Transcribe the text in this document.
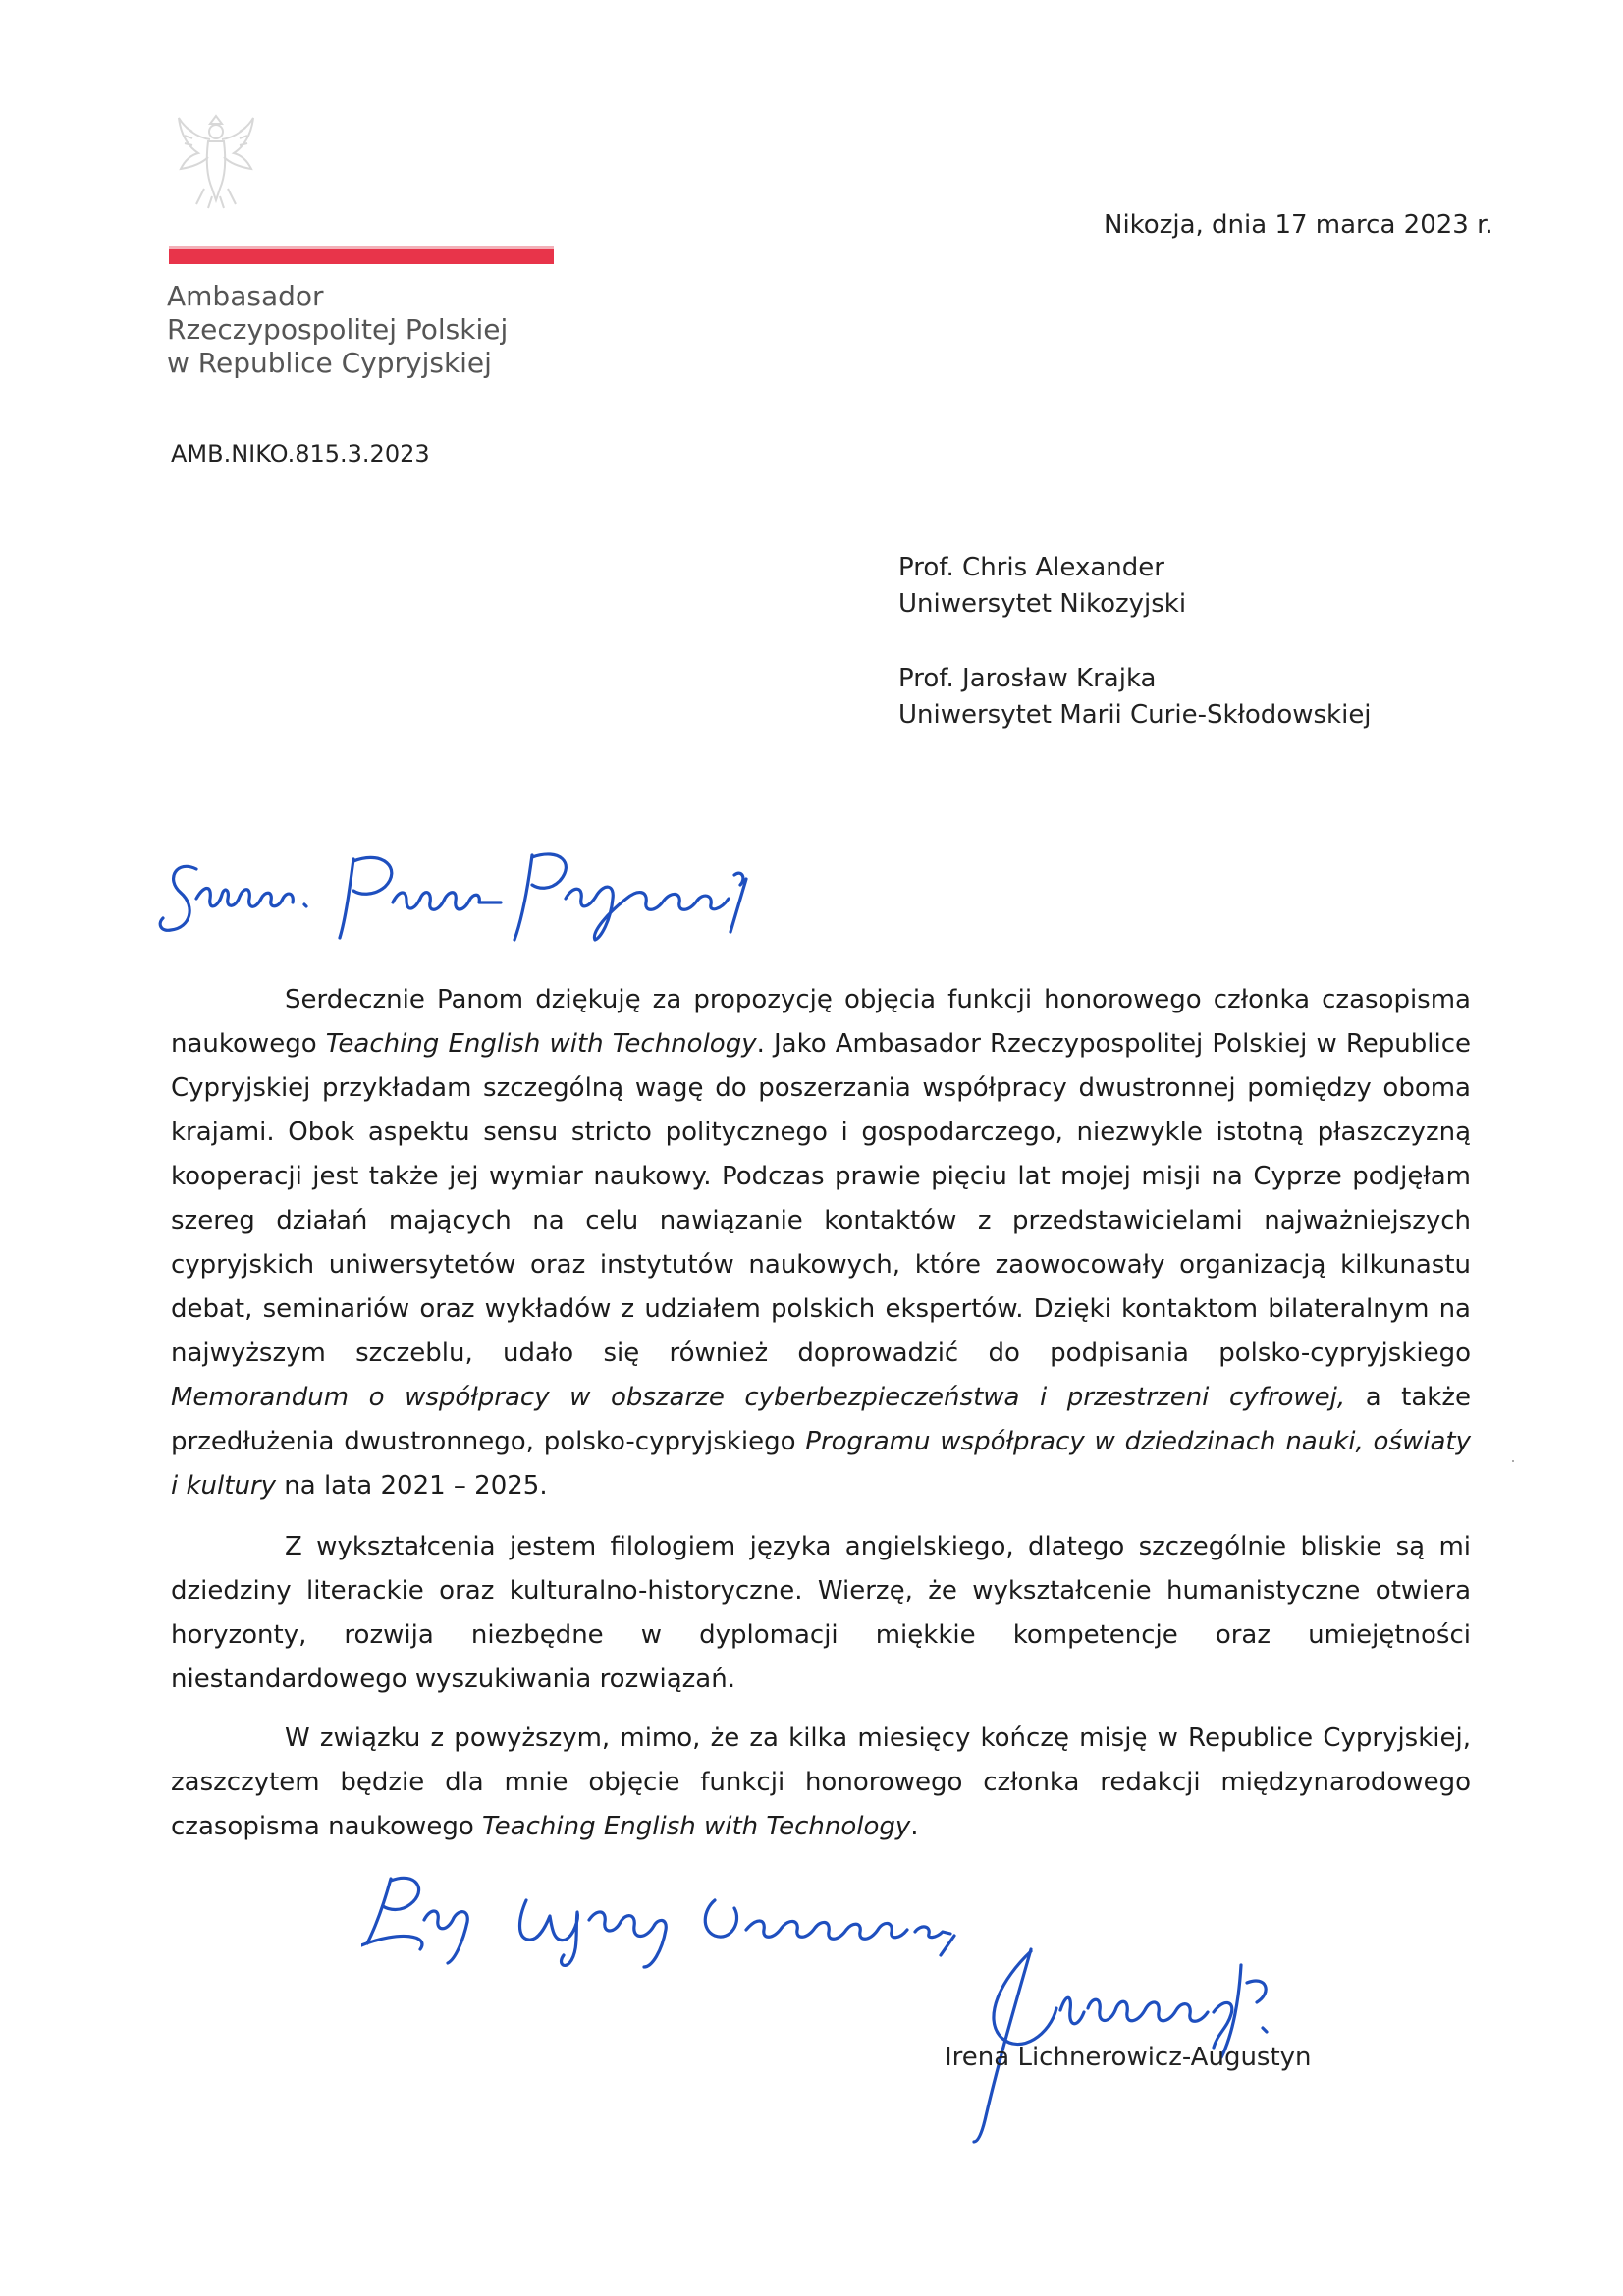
Ambasador
Rzeczypospolitej Polskiej
w Republice Cypryjskiej
Nikozja, dnia 17 marca 2023 r.
AMB.NIKO.815.3.2023
Prof. Chris Alexander
Uniwersytet Nikozyjski
Prof. Jarosław Krajka
Uniwersytet Marii Curie-Skłodowskiej

Serdecznie Panom dziękuję za propozycję objęcia funkcji honorowego członka czasopisma naukowego Teaching English with Technology. Jako Ambasador Rzeczypospolitej Polskiej w Republice Cypryjskiej przykładam szczególną wagę do poszerzania współpracy dwustronnej pomiędzy oboma krajami. Obok aspektu sensu stricto politycznego i gospodarczego, niezwykle istotną płaszczyzną kooperacji jest także jej wymiar naukowy. Podczas prawie pięciu lat mojej misji na Cyprze podjęłam szereg działań mających na celu nawiązanie kontaktów z przedstawicielami najważniejszych cypryjskich uniwersytetów oraz instytutów naukowych, które zaowocowały organizacją kilkunastu debat, seminariów oraz wykładów z udziałem polskich ekspertów. Dzięki kontaktom bilateralnym na najwyższym szczeblu, udało się również doprowadzić do podpisania polsko-cypryjskiego Memorandum o współpracy w obszarze cyberbezpieczeństwa i przestrzeni cyfrowej, a także przedłużenia dwustronnego, polsko-cypryjskiego Programu współpracy w dziedzinach nauki, oświaty i kultury na lata 2021 – 2025.

Z wykształcenia jestem filologiem języka angielskiego, dlatego szczególnie bliskie są mi dziedziny literackie oraz kulturalno-historyczne. Wierzę, że wykształcenie humanistyczne otwiera horyzonty, rozwija niezbędne w dyplomacji miękkie kompetencje oraz umiejętności niestandardowego wyszukiwania rozwiązań.

W związku z powyższym, mimo, że za kilka miesięcy kończę misję w Republice Cypryjskiej, zaszczytem będzie dla mnie objęcie funkcji honorowego członka redakcji międzynarodowego czasopisma naukowego Teaching English with Technology.

Irena Lichnerowicz-Augustyn
